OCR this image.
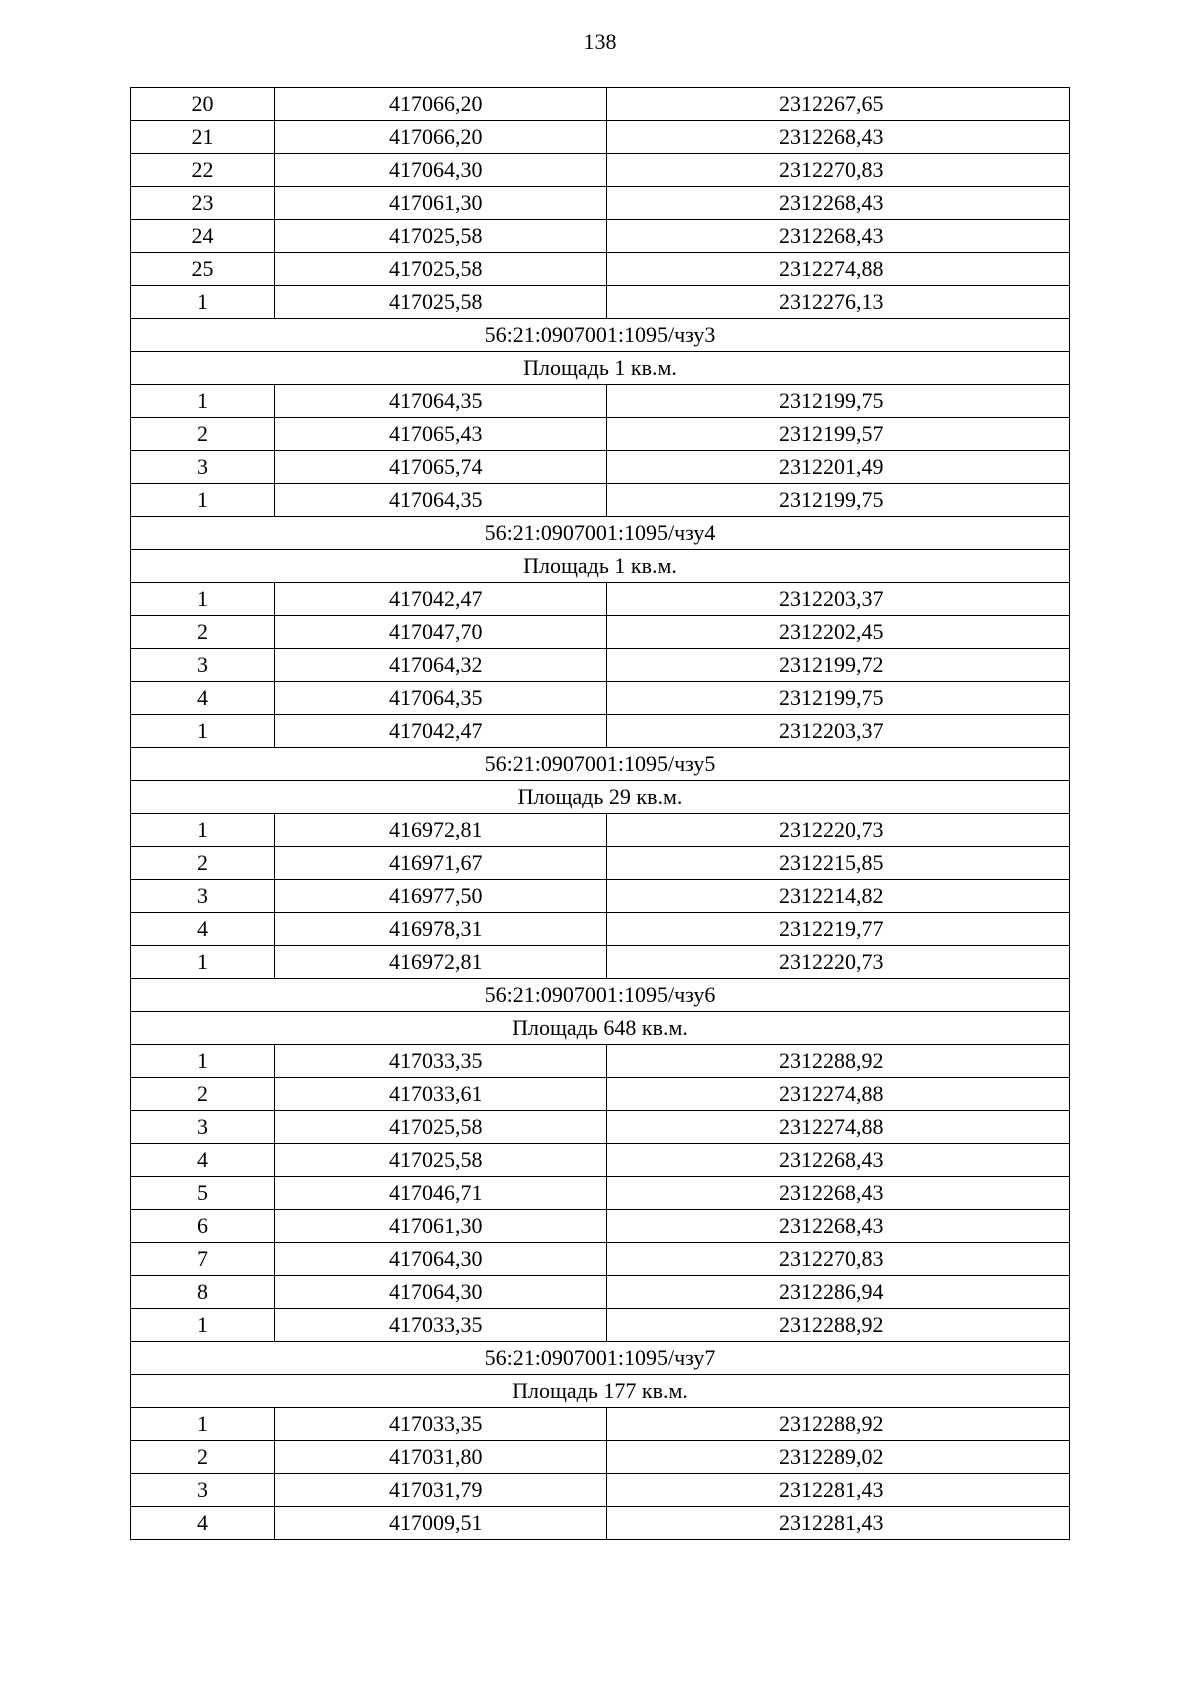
138
20	417066,20	2312267,65
21	417066,20	2312268,43
22	417064,30	2312270,83
23	417061,30	2312268,43
24	417025,58	2312268,43
25	417025,58	2312274,88
1	417025,58	2312276,13
56:21:0907001:1095/чзу3		
Площадь 1 кв.м.		
1	417064,35	2312199,75
2	417065,43	2312199,57
3	417065,74	2312201,49
1	417064,35	2312199,75
56:21:0907001:1095/чзу4		
Площадь 1 кв.м.		
1	417042,47	2312203,37
2	417047,70	2312202,45
3	417064,32	2312199,72
4	417064,35	2312199,75
1	417042,47	2312203,37
56:21:0907001:1095/чзу5		
Площадь 29 кв.м.		
1	416972,81	2312220,73
2	416971,67	2312215,85
3	416977,50	2312214,82
4	416978,31	2312219,77
1	416972,81	2312220,73
56:21:0907001:1095/чзу6		
Площадь 648 кв.м.		
1	417033,35	2312288,92
2	417033,61	2312274,88
3	417025,58	2312274,88
4	417025,58	2312268,43
5	417046,71	2312268,43
6	417061,30	2312268,43
7	417064,30	2312270,83
8	417064,30	2312286,94
1	417033,35	2312288,92
56:21:0907001:1095/чзу7		
Площадь 177 кв.м.		
1	417033,35	2312288,92
2	417031,80	2312289,02
3	417031,79	2312281,43
4	417009,51	2312281,43
